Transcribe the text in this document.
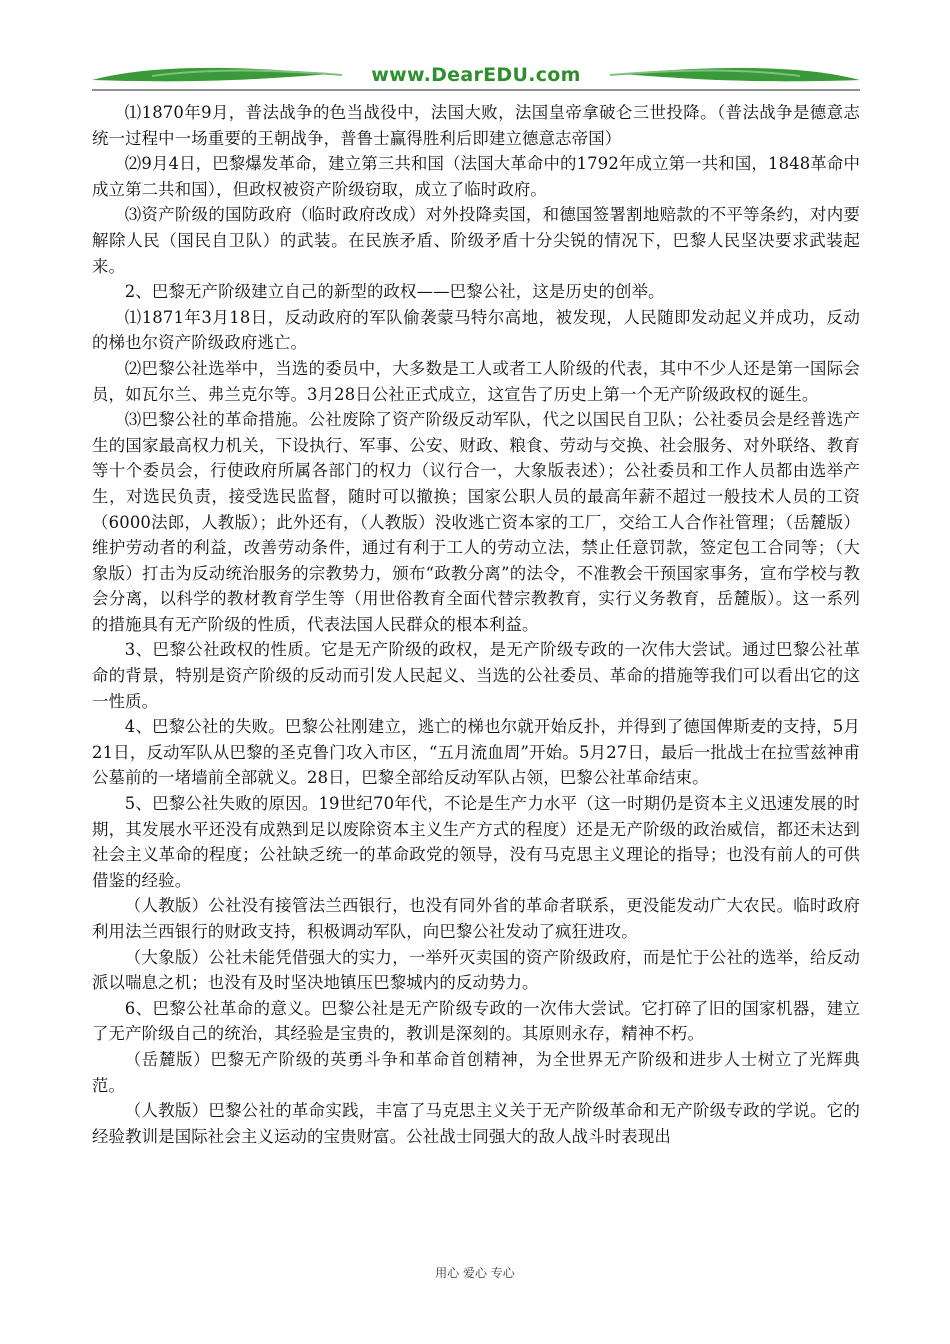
www.DearEDU.com

⑴1870年9月，普法战争的色当战役中，法国大败，法国皇帝拿破仑三世投降。（普法战争是德意志统一过程中一场重要的王朝战争，普鲁士赢得胜利后即建立德意志帝国）

⑵9月4日，巴黎爆发革命，建立第三共和国（法国大革命中的1792年成立第一共和国，1848革命中成立第二共和国），但政权被资产阶级窃取，成立了临时政府。

⑶资产阶级的国防政府（临时政府改成）对外投降卖国，和德国签署割地赔款的不平等条约，对内要解除人民（国民自卫队）的武装。在民族矛盾、阶级矛盾十分尖锐的情况下，巴黎人民坚决要求武装起来。

2、巴黎无产阶级建立自己的新型的政权——巴黎公社，这是历史的创举。

⑴1871年3月18日，反动政府的军队偷袭蒙马特尔高地，被发现，人民随即发动起义并成功，反动的梯也尔资产阶级政府逃亡。

⑵巴黎公社选举中，当选的委员中，大多数是工人或者工人阶级的代表，其中不少人还是第一国际会员，如瓦尔兰、弗兰克尔等。3月28日公社正式成立，这宣告了历史上第一个无产阶级政权的诞生。

⑶巴黎公社的革命措施。公社废除了资产阶级反动军队，代之以国民自卫队；公社委员会是经普选产生的国家最高权力机关，下设执行、军事、公安、财政、粮食、劳动与交换、社会服务、对外联络、教育等十个委员会，行使政府所属各部门的权力（议行合一，大象版表述）；公社委员和工作人员都由选举产生，对选民负责，接受选民监督，随时可以撤换；国家公职人员的最高年薪不超过一般技术人员的工资（6000法郎，人教版）；此外还有，（人教版）没收逃亡资本家的工厂，交给工人合作社管理；（岳麓版）维护劳动者的利益，改善劳动条件，通过有利于工人的劳动立法，禁止任意罚款，签定包工合同等；（大象版）打击为反动统治服务的宗教势力，颁布“政教分离”的法令，不准教会干预国家事务，宣布学校与教会分离，以科学的教材教育学生等（用世俗教育全面代替宗教教育，实行义务教育，岳麓版）。这一系列的措施具有无产阶级的性质，代表法国人民群众的根本利益。

3、巴黎公社政权的性质。它是无产阶级的政权，是无产阶级专政的一次伟大尝试。通过巴黎公社革命的背景，特别是资产阶级的反动而引发人民起义、当选的公社委员、革命的措施等我们可以看出它的这一性质。

4、巴黎公社的失败。巴黎公社刚建立，逃亡的梯也尔就开始反扑，并得到了德国俾斯麦的支持，5月21日，反动军队从巴黎的圣克鲁门攻入市区，“五月流血周”开始。5月27日，最后一批战士在拉雪兹神甫公墓前的一堵墙前全部就义。28日，巴黎全部给反动军队占领，巴黎公社革命结束。

5、巴黎公社失败的原因。19世纪70年代，不论是生产力水平（这一时期仍是资本主义迅速发展的时期，其发展水平还没有成熟到足以废除资本主义生产方式的程度）还是无产阶级的政治威信，都还未达到社会主义革命的程度；公社缺乏统一的革命政党的领导，没有马克思主义理论的指导；也没有前人的可供借鉴的经验。

（人教版）公社没有接管法兰西银行，也没有同外省的革命者联系，更没能发动广大农民。临时政府利用法兰西银行的财政支持，积极调动军队，向巴黎公社发动了疯狂进攻。

（大象版）公社未能凭借强大的实力，一举歼灭卖国的资产阶级政府，而是忙于公社的选举，给反动派以喘息之机；也没有及时坚决地镇压巴黎城内的反动势力。

6、巴黎公社革命的意义。巴黎公社是无产阶级专政的一次伟大尝试。它打碎了旧的国家机器，建立了无产阶级自己的统治，其经验是宝贵的，教训是深刻的。其原则永存，精神不朽。

（岳麓版）巴黎无产阶级的英勇斗争和革命首创精神，为全世界无产阶级和进步人士树立了光辉典范。

（人教版）巴黎公社的革命实践，丰富了马克思主义关于无产阶级革命和无产阶级专政的学说。它的经验教训是国际社会主义运动的宝贵财富。公社战士同强大的敌人战斗时表现出

用心 爱心 专心
